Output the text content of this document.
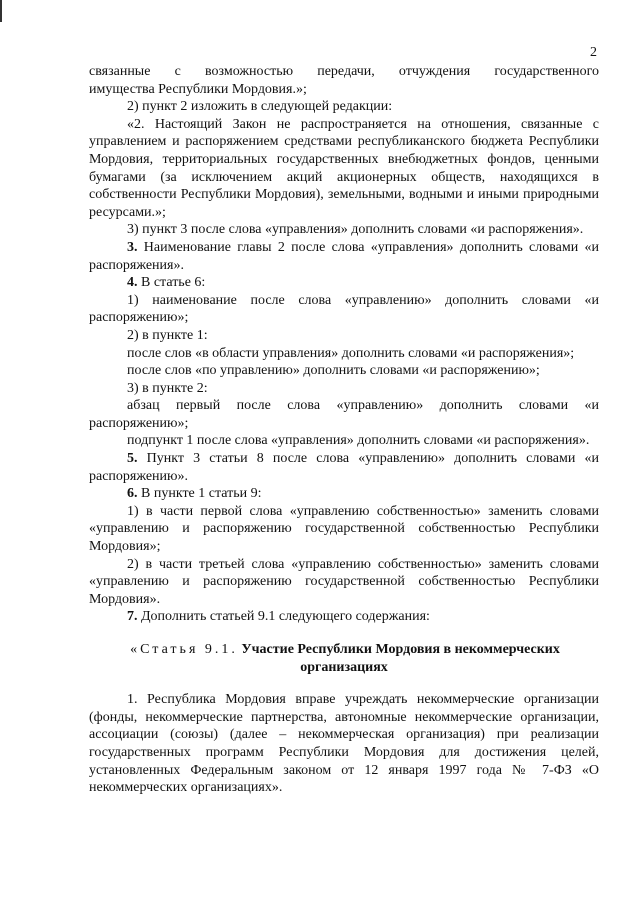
2

связанные с возможностью передачи, отчуждения государственного

имущества Республики Мордовия.»;

2) пункт 2 изложить в следующей редакции:

«2. Настоящий Закон не распространяется на отношения, связанные с управлением и распоряжением средствами республиканского бюджета Республики Мордовия, территориальных государственных внебюджетных фондов, ценными бумагами (за исключением акций акционерных обществ, находящихся в собственности Республики Мордовия), земельными, водными и иными природными ресурсами.»;

3) пункт 3 после слова «управления» дополнить словами «и распоряжения».

3. Наименование главы 2 после слова «управления» дополнить словами «и распоряжения».

4. В статье 6:

1) наименование после слова «управлению» дополнить словами «и распоряжению»;

2) в пункте 1:

после слов «в области управления» дополнить словами «и распоряжения»;

после слов «по управлению» дополнить словами «и распоряжению»;

3) в пункте 2:

абзац первый после слова «управлению» дополнить словами «и распоряжению»;

подпункт 1 после слова «управления» дополнить словами «и распоряжения».

5. Пункт 3 статьи 8 после слова «управлению» дополнить словами «и распоряжению».

6. В пункте 1 статьи 9:

1) в части первой слова «управлению собственностью» заменить словами «управлению и распоряжению государственной собственностью Республики Мордовия»;

2) в части третьей слова «управлению собственностью» заменить словами «управлению и распоряжению государственной собственностью Республики Мордовия».

7. Дополнить статьей 9.1 следующего содержания:

«Статья 9.1. Участие Республики Мордовия в некоммерческих
организациях

1. Республика Мордовия вправе учреждать некоммерческие организации (фонды, некоммерческие партнерства, автономные некоммерческие организации, ассоциации (союзы) (далее – некоммерческая организация) при реализации государственных программ Республики Мордовия для достижения целей, установленных Федеральным законом от 12 января 1997 года № 7-ФЗ «О некоммерческих организациях».
